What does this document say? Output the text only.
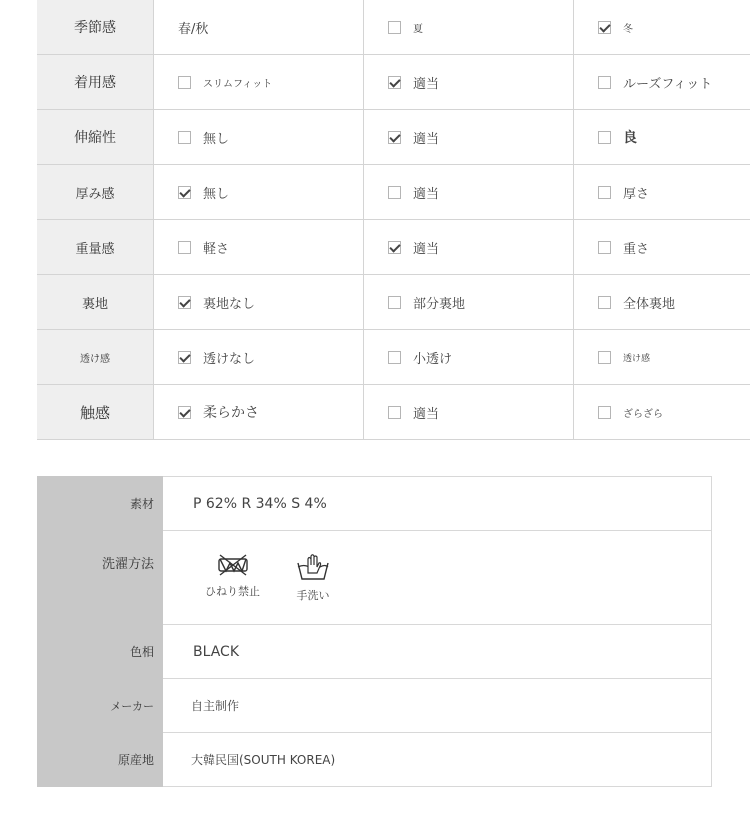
季節感	春/秋	夏	冬
着用感	スリムフィット	適当	ルーズフィット
伸縮性	無し	適当	良
厚み感	無し	適当	厚さ
重量感	軽さ	適当	重さ
裏地	裏地なし	部分裏地	全体裏地
透け感	透けなし	小透け	透け感
触感	柔らかさ	適当	ざらざら
素材	P 62% R 34% S 4%
洗濯方法	ひねり禁止 手洗い

色相	BLACK
メーカー	自主制作
原産地	大韓民国(SOUTH KOREA)
